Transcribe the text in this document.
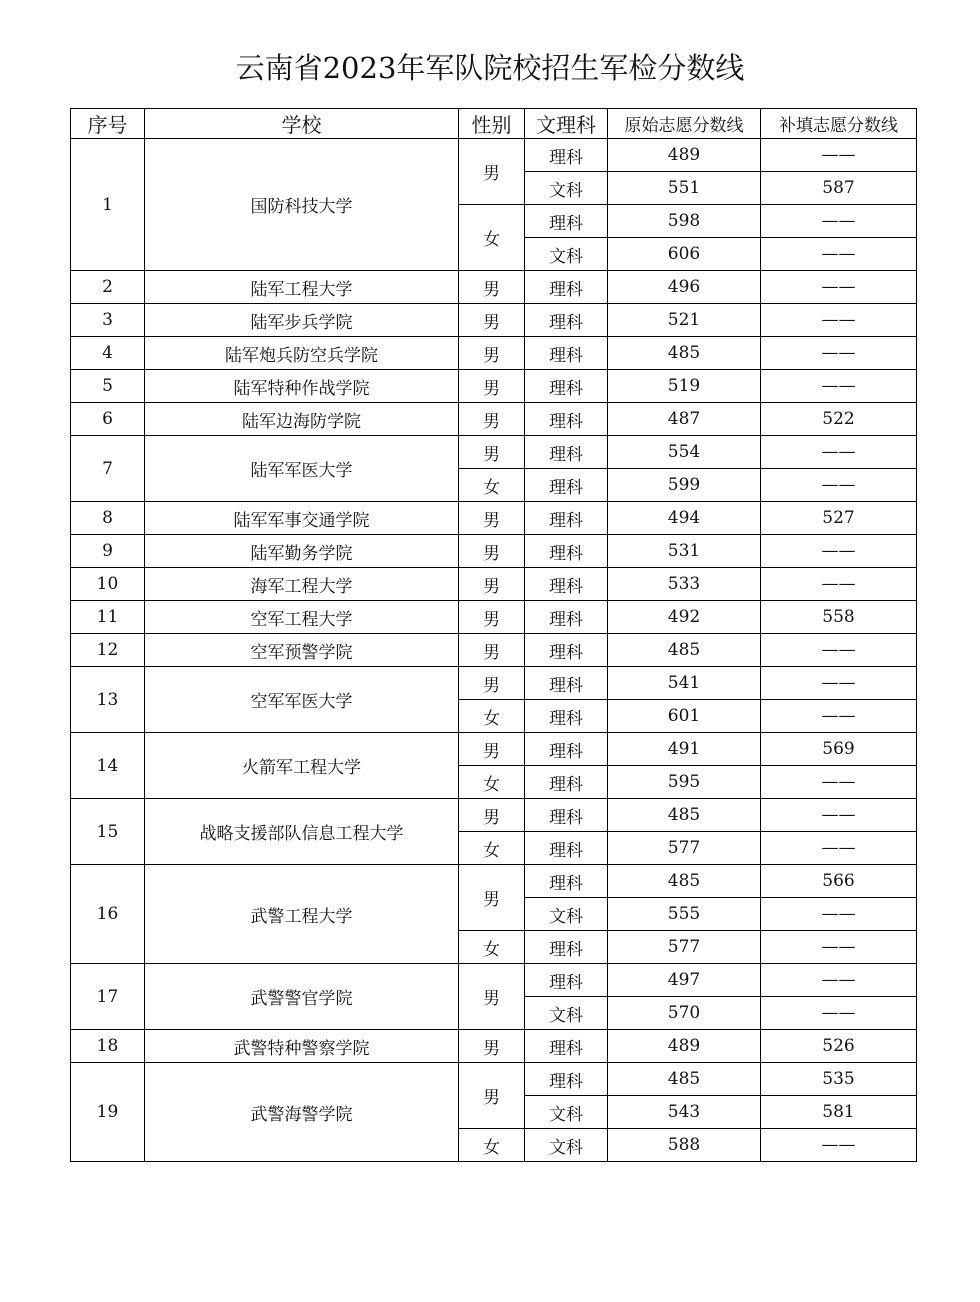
云南省2023年军队院校招生军检分数线
序号	学校	性别	文理科	原始志愿分数线	补填志愿分数线
1	国防科技大学	男	理科	489	——
			文科	551	587
		女	理科	598	——
			文科	606	——
2	陆军工程大学	男	理科	496	——
3	陆军步兵学院	男	理科	521	——
4	陆军炮兵防空兵学院	男	理科	485	——
5	陆军特种作战学院	男	理科	519	——
6	陆军边海防学院	男	理科	487	522
7	陆军军医大学	男	理科	554	——
		女	理科	599	——
8	陆军军事交通学院	男	理科	494	527
9	陆军勤务学院	男	理科	531	——
10	海军工程大学	男	理科	533	——
11	空军工程大学	男	理科	492	558
12	空军预警学院	男	理科	485	——
13	空军军医大学	男	理科	541	——
		女	理科	601	——
14	火箭军工程大学	男	理科	491	569
		女	理科	595	——
15	战略支援部队信息工程大学	男	理科	485	——
		女	理科	577	——
16	武警工程大学	男	理科	485	566
			文科	555	——
		女	理科	577	——
17	武警警官学院	男	理科	497	——
			文科	570	——
18	武警特种警察学院	男	理科	489	526
19	武警海警学院	男	理科	485	535
			文科	543	581
		女	文科	588	——
